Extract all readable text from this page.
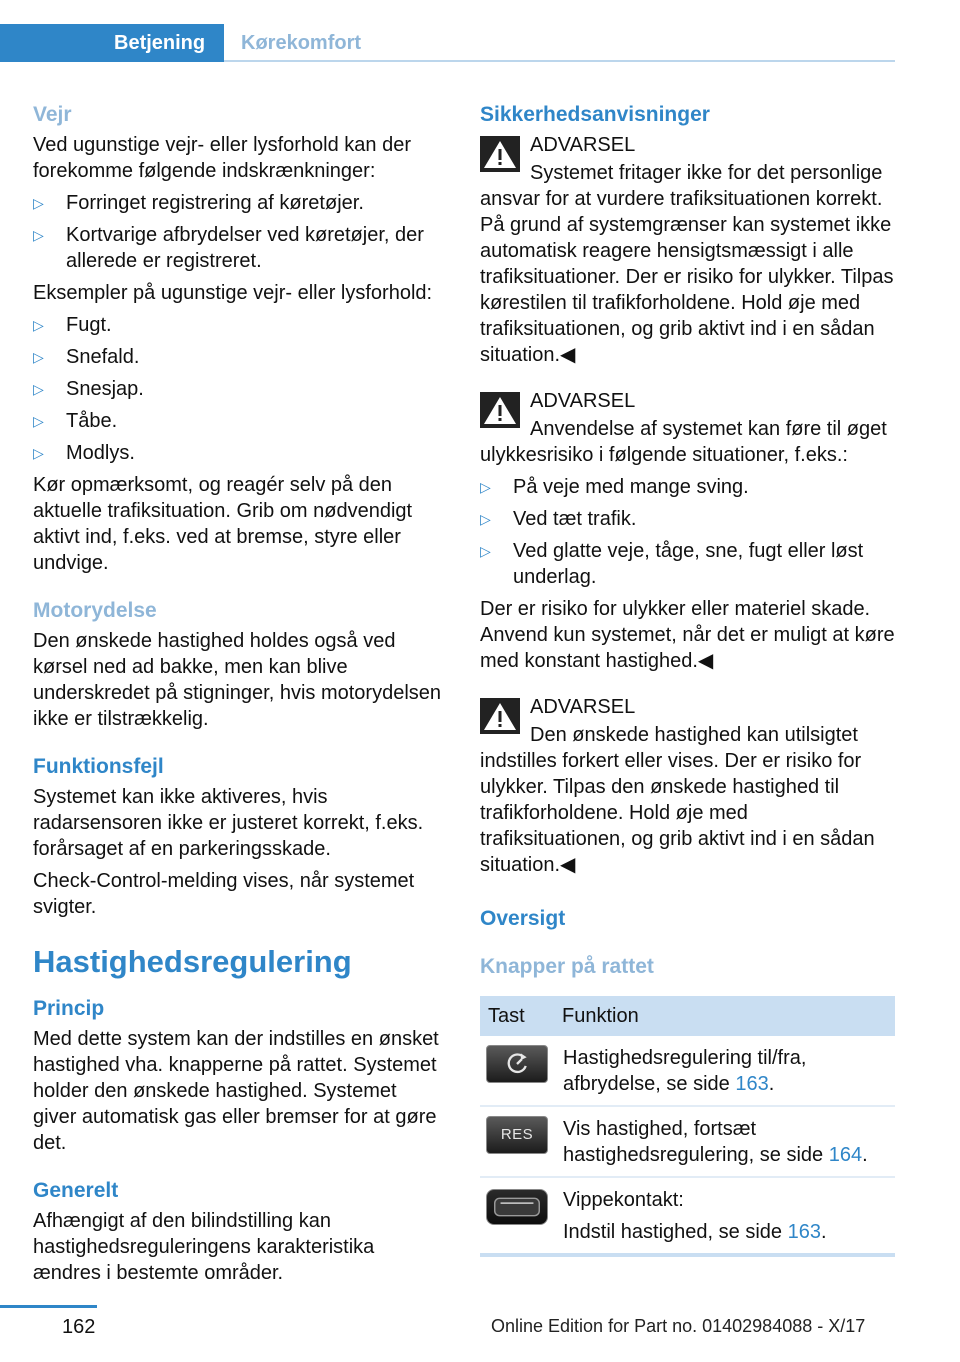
Betjening	Kørekomfort
Vejr

Ved ugunstige vejr- eller lysforhold kan der forekomme følgende indskrænkninger:

▷ Forringet registrering af køretøjer.
▷ Kortvarige afbrydelser ved køretøjer, der allerede er registreret.

Eksempler på ugunstige vejr- eller lysforhold:

▷ Fugt.
▷ Snefald.
▷ Snesjap.
▷ Tåbe.
▷ Modlys.

Kør opmærksomt, og reagér selv på den aktuelle trafiksituation. Grib om nødvendigt aktivt ind, f.eks. ved at bremse, styre eller undvige.

Motorydelse

Den ønskede hastighed holdes også ved kørsel ned ad bakke, men kan blive underskredet på stigninger, hvis motorydelsen ikke er tilstrækkelig.

Funktionsfejl

Systemet kan ikke aktiveres, hvis radarsensoren ikke er justeret korrekt, f.eks. forårsaget af en parkeringsskade.

Check-Control-melding vises, når systemet svigter.

Hastighedsregulering
Princip

Med dette system kan der indstilles en ønsket hastighed vha. knapperne på rattet. Systemet holder den ønskede hastighed. Systemet giver automatisk gas eller bremser for at gøre det.

Generelt

Afhængigt af den bilindstilling kan hastighedsreguleringens karakteristika ændres i bestemte områder.

Sikkerhedsanvisninger
ADVARSEL

Systemet fritager ikke for det personlige ansvar for at vurdere trafiksituationen korrekt. På grund af systemgrænser kan systemet ikke automatisk reagere hensigtsmæssigt i alle trafiksituationer. Der er risiko for ulykker. Tilpas kørestilen til trafikforholdene. Hold øje med trafiksituationen, og grib aktivt ind i en sådan situation.◀

ADVARSEL

Anvendelse af systemet kan føre til øget ulykkesrisiko i følgende situationer, f.eks.:

▷ På veje med mange sving.
▷ Ved tæt trafik.
▷ Ved glatte veje, tåge, sne, fugt eller løst underlag.

Der er risiko for ulykker eller materiel skade.

Anvend kun systemet, når det er muligt at køre med konstant hastighed.◀

ADVARSEL

Den ønskede hastighed kan utilsigtet indstilles forkert eller vises. Der er risiko for ulykker. Tilpas den ønskede hastighed til trafikforholdene. Hold øje med trafiksituationen, og grib aktivt ind i en sådan situation.◀

Oversigt
Knapper på rattet
Tast	Funktion

	Hastighedsregulering til/fra, afbrydelse, se side 163.

RES	Vis hastighed, fortsæt hastighedsregulering, se side 164.

Vippekontakt:
Indstil hastighed, se side 163.
162	Online Edition for Part no. 01402984088 - X/17
